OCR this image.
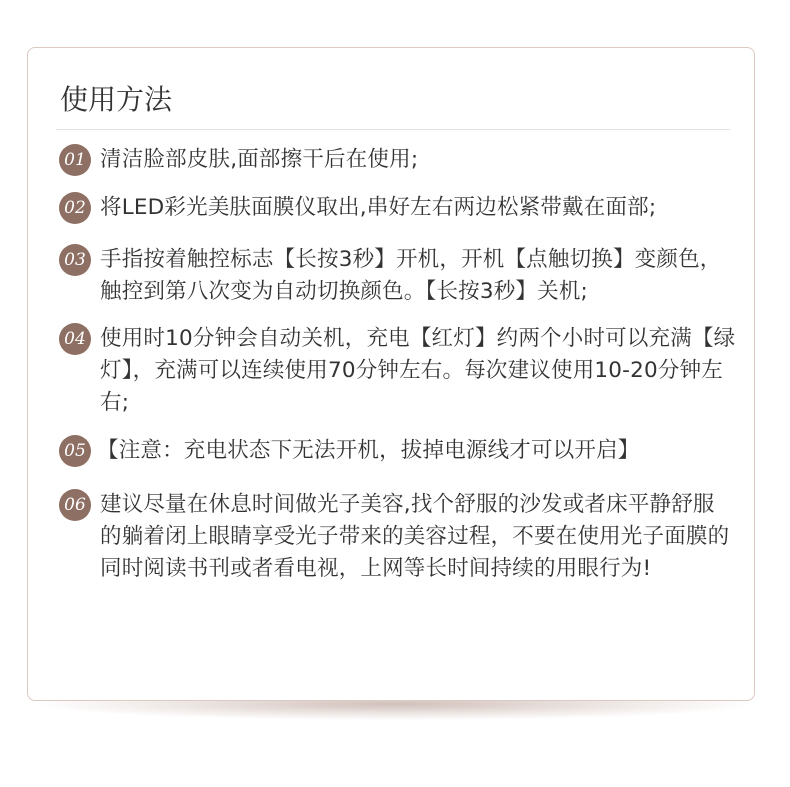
使用方法
01 清洁脸部皮肤,面部擦干后在使用;

02 将LED彩光美肤面膜仪取出,串好左右两边松紧带戴在面部;

03 手指按着触控标志【长按3秒】开机，开机【点触切换】变颜色，触控到第八次变为自动切换颜色。【长按3秒】关机;

04 使用时10分钟会自动关机，充电【红灯】约两个小时可以充满【绿灯】，充满可以连续使用70分钟左右。每次建议使用10-20分钟左右;

05 【注意：充电状态下无法开机，拔掉电源线才可以开启】

06 建议尽量在休息时间做光子美容,找个舒服的沙发或者床平静舒服的躺着闭上眼睛享受光子带来的美容过程，不要在使用光子面膜的同时阅读书刊或者看电视，上网等长时间持续的用眼行为!
